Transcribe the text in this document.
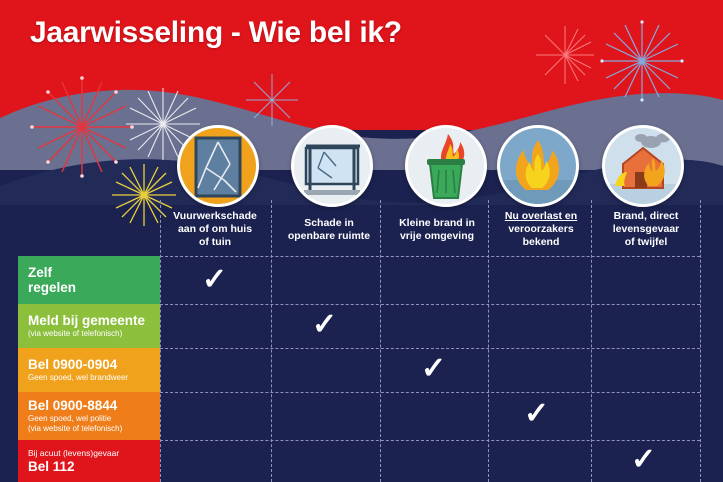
Jaarwisseling - Wie bel ik?
Vuurwerkschade
aan of om huis
of tuin
Schade in
openbare ruimte
Kleine brand in
vrije omgeving
Nu overlast en
veroorzakers
bekend
Brand, direct
levensgevaar
of twijfel
Zelf
regelen
Meld bij gemeente
(via website of telefonisch)
Bel 0900-0904
Geen spoed, wel brandweer
Bel 0900-8844
Geen spoed, wel politie
(via website of telefonisch)
Bij acuut (levens)gevaar
Bel 112
✓
✓
✓
✓
✓
